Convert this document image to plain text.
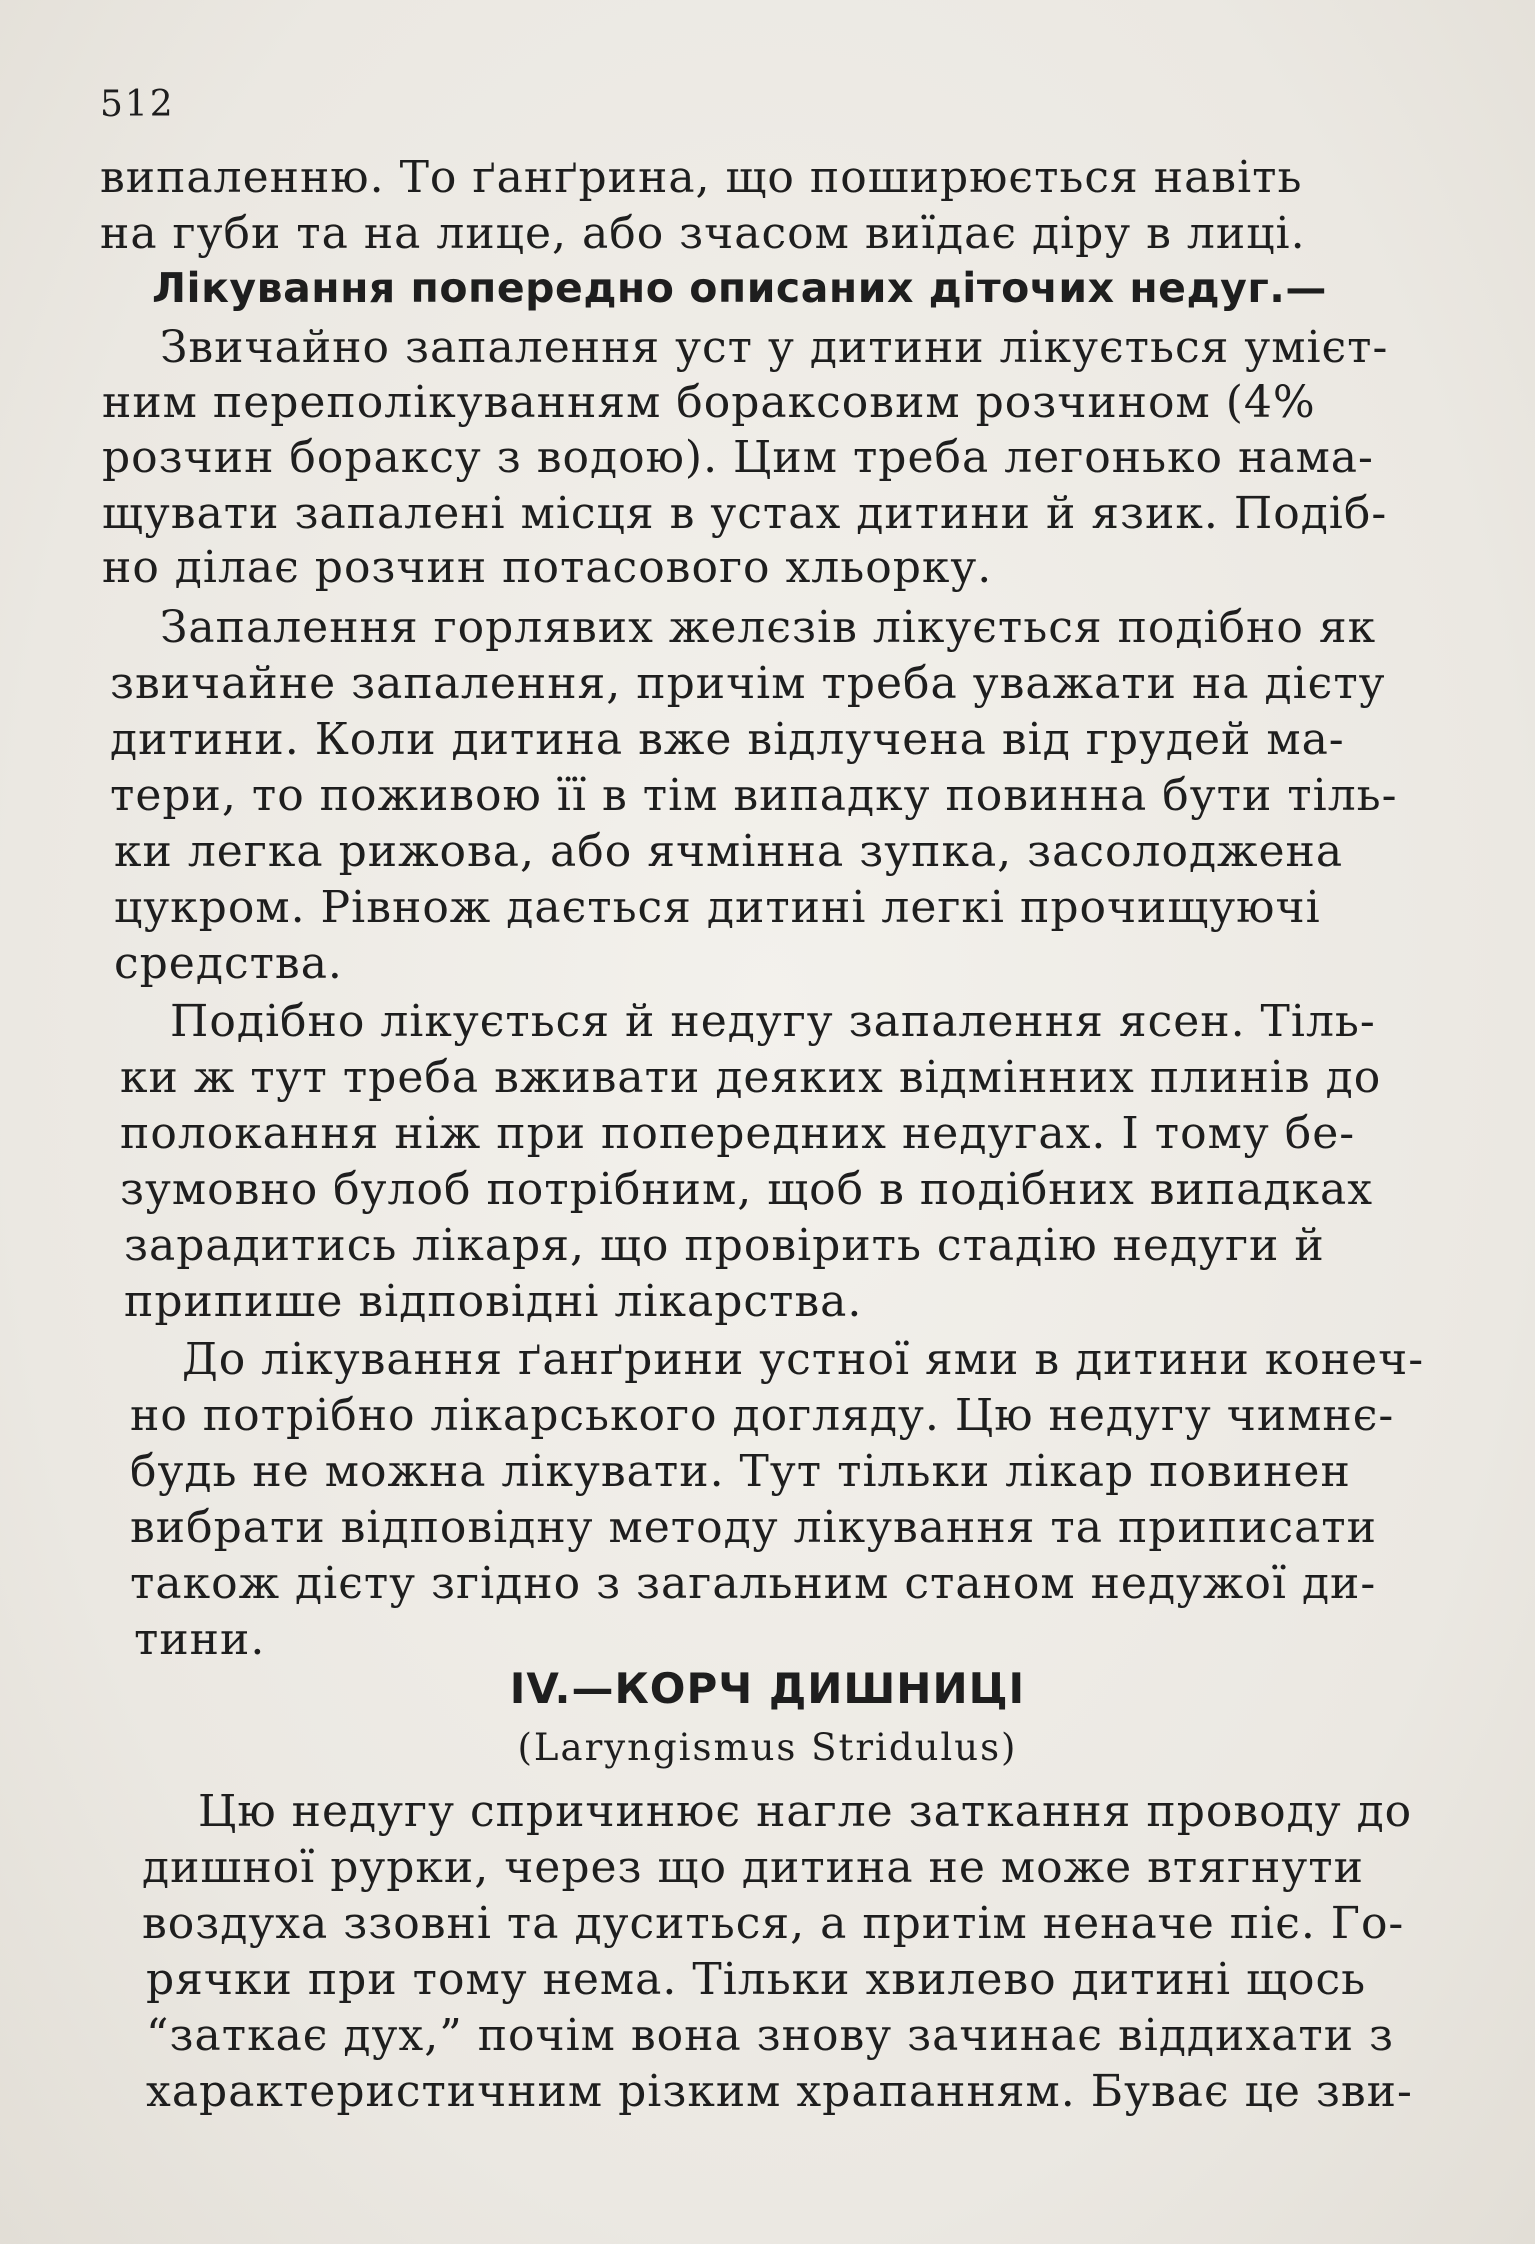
512
випаленню. То ґанґрина, що поширюється навіть
на губи та на лице, або зчасом виїдає діру в лиці.
Лікування попередно описаних діточих недуг.—
Звичайно запалення уст у дитини лікується умієт-
ним переполікуванням бораксовим розчином (4%
розчин бораксу з водою). Цим треба легонько нама-
щувати запалені місця в устах дитини й язик. Подіб-
но ділає розчин потасового хльорку.
Запалення горлявих желєзів лікується подібно як
звичайне запалення, причім треба уважати на дієту
дитини. Коли дитина вже відлучена від грудей ма-
тери, то поживою її в тім випадку повинна бути тіль-
ки легка рижова, або ячмінна зупка, засолоджена
цукром. Рівнож дається дитині легкі прочищуючі
средства.
Подібно лікується й недугу запалення ясен. Тіль-
ки ж тут треба вживати деяких відмінних плинів до
полокання ніж при попередних недугах. І тому бе-
зумовно булоб потрібним, щоб в подібних випадках
зарадитись лікаря, що провірить стадію недуги й
припише відповідні лікарства.
До лікування ґанґрини устної ями в дитини конеч-
но потрібно лікарського догляду. Цю недугу чимнє-
будь не можна лікувати. Тут тільки лікар повинен
вибрати відповідну методу лікування та приписати
також дієту згідно з загальним станом недужої ди-
тини.
IV.—КОРЧ ДИШНИЦІ
(Laryngismus Stridulus)
Цю недугу спричинює нагле заткання проводу до
дишної рурки, через що дитина не може втягнути
воздуха ззовні та дуситься, а притім неначе піє. Го-
рячки при тому нема. Тільки хвилево дитині щось
“заткає дух,” почім вона знову зачинає віддихати з
характеристичним різким храпанням. Буває це зви-
